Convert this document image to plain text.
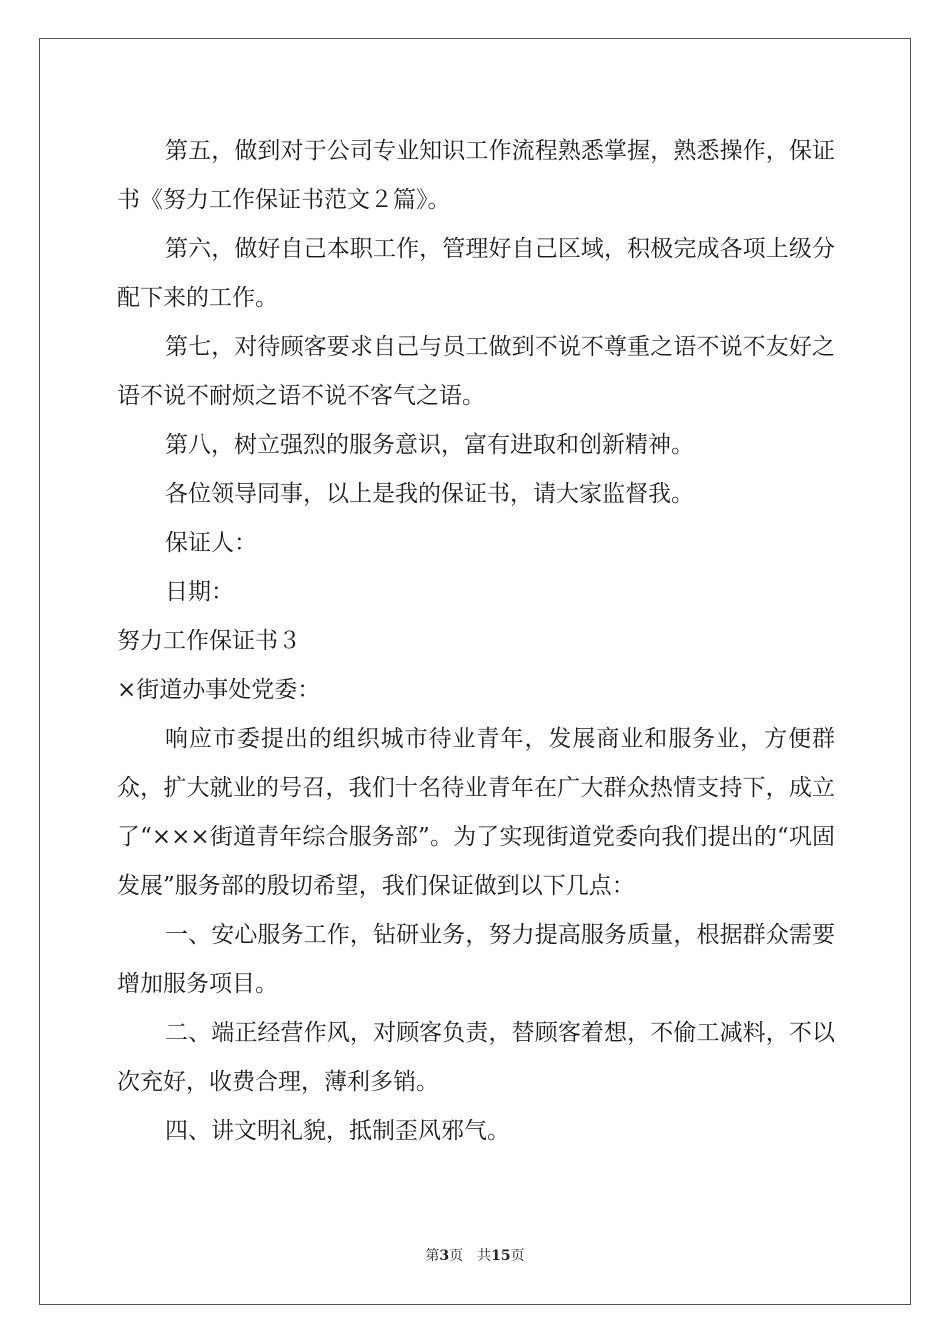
第五，做到对于公司专业知识工作流程熟悉掌握，熟悉操作，保证书《努力工作保证书范文２篇》。

第六，做好自己本职工作，管理好自己区域，积极完成各项上级分配下来的工作。

第七，对待顾客要求自己与员工做到不说不尊重之语不说不友好之语不说不耐烦之语不说不客气之语。

第八，树立强烈的服务意识，富有进取和创新精神。

各位领导同事，以上是我的保证书，请大家监督我。

保证人：

日期：

努力工作保证书３

×街道办事处党委：

响应市委提出的组织城市待业青年，发展商业和服务业，方便群众，扩大就业的号召，我们十名待业青年在广大群众热情支持下，成立了“×××街道青年综合服务部”。为了实现街道党委向我们提出的“巩固发展”服务部的殷切希望，我们保证做到以下几点：

一、安心服务工作，钻研业务，努力提高服务质量，根据群众需要增加服务项目。

二、端正经营作风，对顾客负责，替顾客着想，不偷工减料，不以次充好，收费合理，薄利多销。

四、讲文明礼貌，抵制歪风邪气。

第3页 共15页
